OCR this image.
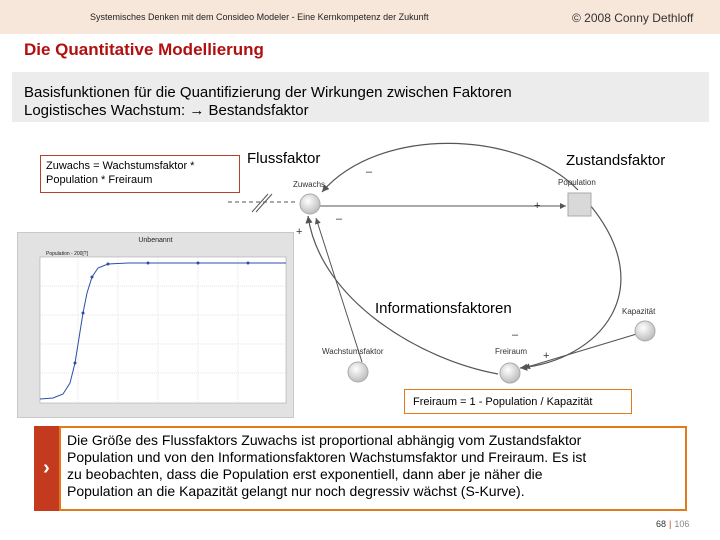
Systemisches Denken mit dem Consideo Modeler - Eine Kernkompetenz der Zukunft	© 2008 Conny Dethloff
Die Quantitative Modellierung
Basisfunktionen für die Quantifizierung der Wirkungen zwischen Faktoren
Logistisches Wachstum: → Bestandsfaktor
Zuwachs = Wachstumsfaktor *
Population * Freiraum
Unbenannt
Population - 200[?]
Flussfaktor	Zustandsfaktor
Informationsfaktoren
Zuwachs	Population
Wachstumsfaktor	Freiraum
Kapazität
–
–
+
+
–
+
Freiraum = 1 - Population / Kapazität
›
Die Größe des Flussfaktors Zuwachs ist proportional abhängig vom Zustandsfaktor
Population und von den Informationsfaktoren Wachstumsfaktor und Freiraum. Es ist
zu beobachten, dass die Population erst exponentiell, dann aber je näher die
Population an die Kapazität gelangt nur noch degressiv wächst (S-Kurve).
68 | 106
